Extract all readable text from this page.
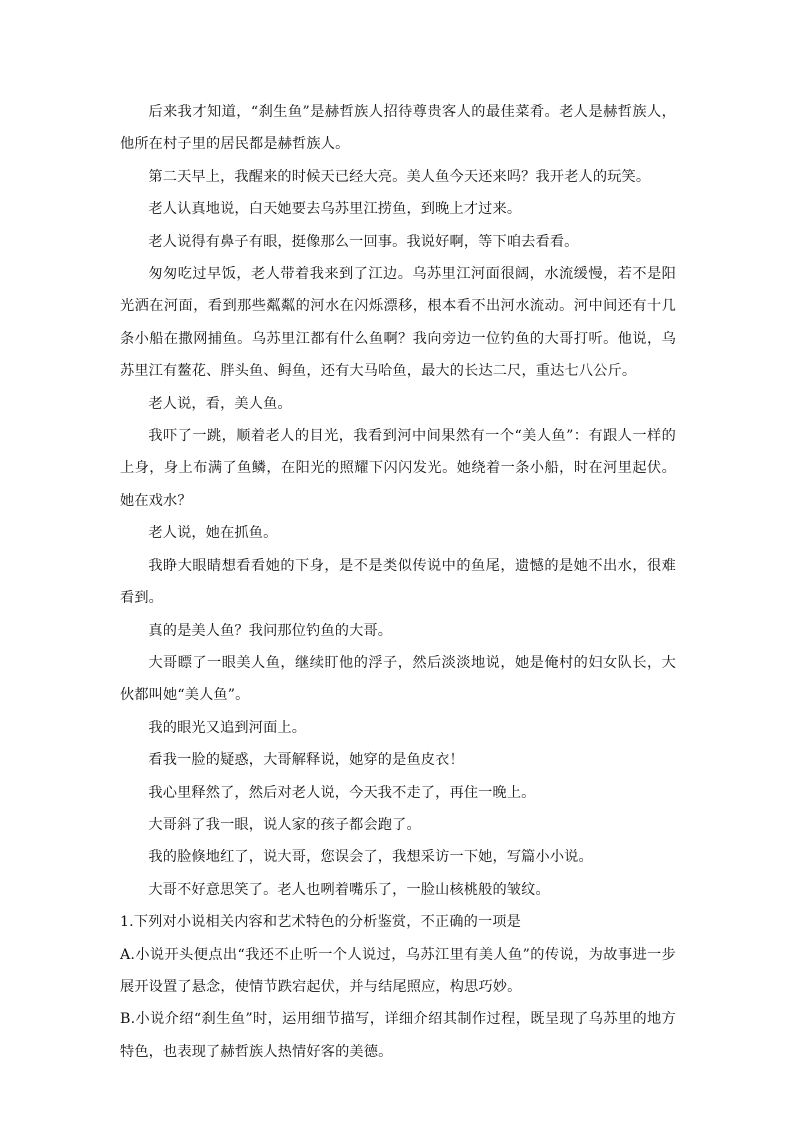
后来我才知道，“刹生鱼”是赫哲族人招待尊贵客人的最佳菜肴。老人是赫哲族人，他所在村子里的居民都是赫哲族人。

第二天早上，我醒来的时候天已经大亮。美人鱼今天还来吗？我开老人的玩笑。

老人认真地说，白天她要去乌苏里江捞鱼，到晚上才过来。

老人说得有鼻子有眼，挺像那么一回事。我说好啊，等下咱去看看。

匆匆吃过早饭，老人带着我来到了江边。乌苏里江河面很阔，水流缓慢，若不是阳光洒在河面，看到那些粼粼的河水在闪烁漂移，根本看不出河水流动。河中间还有十几条小船在撒网捕鱼。乌苏里江都有什么鱼啊？我向旁边一位钓鱼的大哥打听。他说，乌苏里江有鳌花、胖头鱼、鲟鱼，还有大马哈鱼，最大的长达二尺，重达七八公斤。

老人说，看，美人鱼。

我吓了一跳，顺着老人的目光，我看到河中间果然有一个“美人鱼”：有跟人一样的上身，身上布满了鱼鳞，在阳光的照耀下闪闪发光。她绕着一条小船，时在河里起伏。她在戏水？

老人说，她在抓鱼。

我睁大眼睛想看看她的下身，是不是类似传说中的鱼尾，遗憾的是她不出水，很难看到。

真的是美人鱼？我问那位钓鱼的大哥。

大哥瞟了一眼美人鱼，继续盯他的浮子，然后淡淡地说，她是俺村的妇女队长，大伙都叫她“美人鱼”。

我的眼光又追到河面上。

看我一脸的疑惑，大哥解释说，她穿的是鱼皮衣！

我心里释然了，然后对老人说，今天我不走了，再住一晚上。

大哥斜了我一眼，说人家的孩子都会跑了。

我的脸倏地红了，说大哥，您误会了，我想采访一下她，写篇小小说。

大哥不好意思笑了。老人也咧着嘴乐了，一脸山核桃般的皱纹。

1.下列对小说相关内容和艺术特色的分析鉴赏，不正确的一项是

A.小说开头便点出“我还不止听一个人说过，乌苏江里有美人鱼”的传说，为故事进一步展开设置了悬念，使情节跌宕起伏，并与结尾照应，构思巧妙。

B.小说介绍“刹生鱼”时，运用细节描写，详细介绍其制作过程，既呈现了乌苏里的地方特色，也表现了赫哲族人热情好客的美德。
